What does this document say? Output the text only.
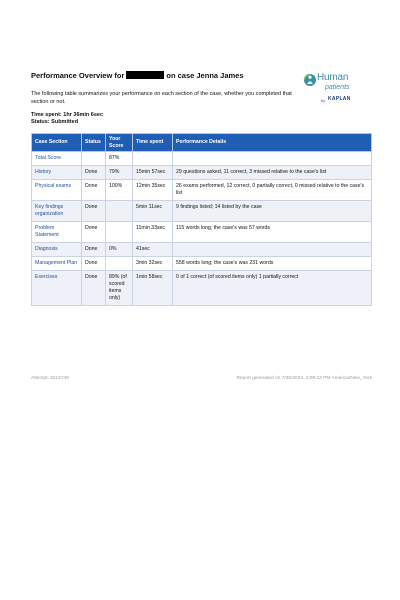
Performance Overview for	on case Jenna James	Human
patients
by KAPLAN
The following table summarizes your performance on each section of the case, whether you completed that section or not.
Time spent: 1hr 36min 6sec
Status: Submitted
Case Section	Status	Your Score	Time spent	Performance Details
Total Score		87%		
History	Done	79%	15min 57sec	29 questions asked, 11 correct, 3 missed relative to the case's list
Physical exams	Done	100%	12min 35sec	26 exams performed, 12 correct, 0 partially correct, 0 missed relative to the case's list
Key findings organization	Done		5min 11sec	9 findings listed; 14 listed by the case
Problem Statement	Done		11min 33sec	115 words long; the case's was 57 words
Diagnosis	Done	0%	41sec	
Management Plan	Done		3min 32sec	558 words long; the case's was 231 words
Exercises	Done	89% (of scored items only)	1min 58sec	0 of 1 correct (of scored items only) 1 partially correct
Attempt: 3219748	Report generated on 7/30/2024, 4:09:13 PM America/New_York
